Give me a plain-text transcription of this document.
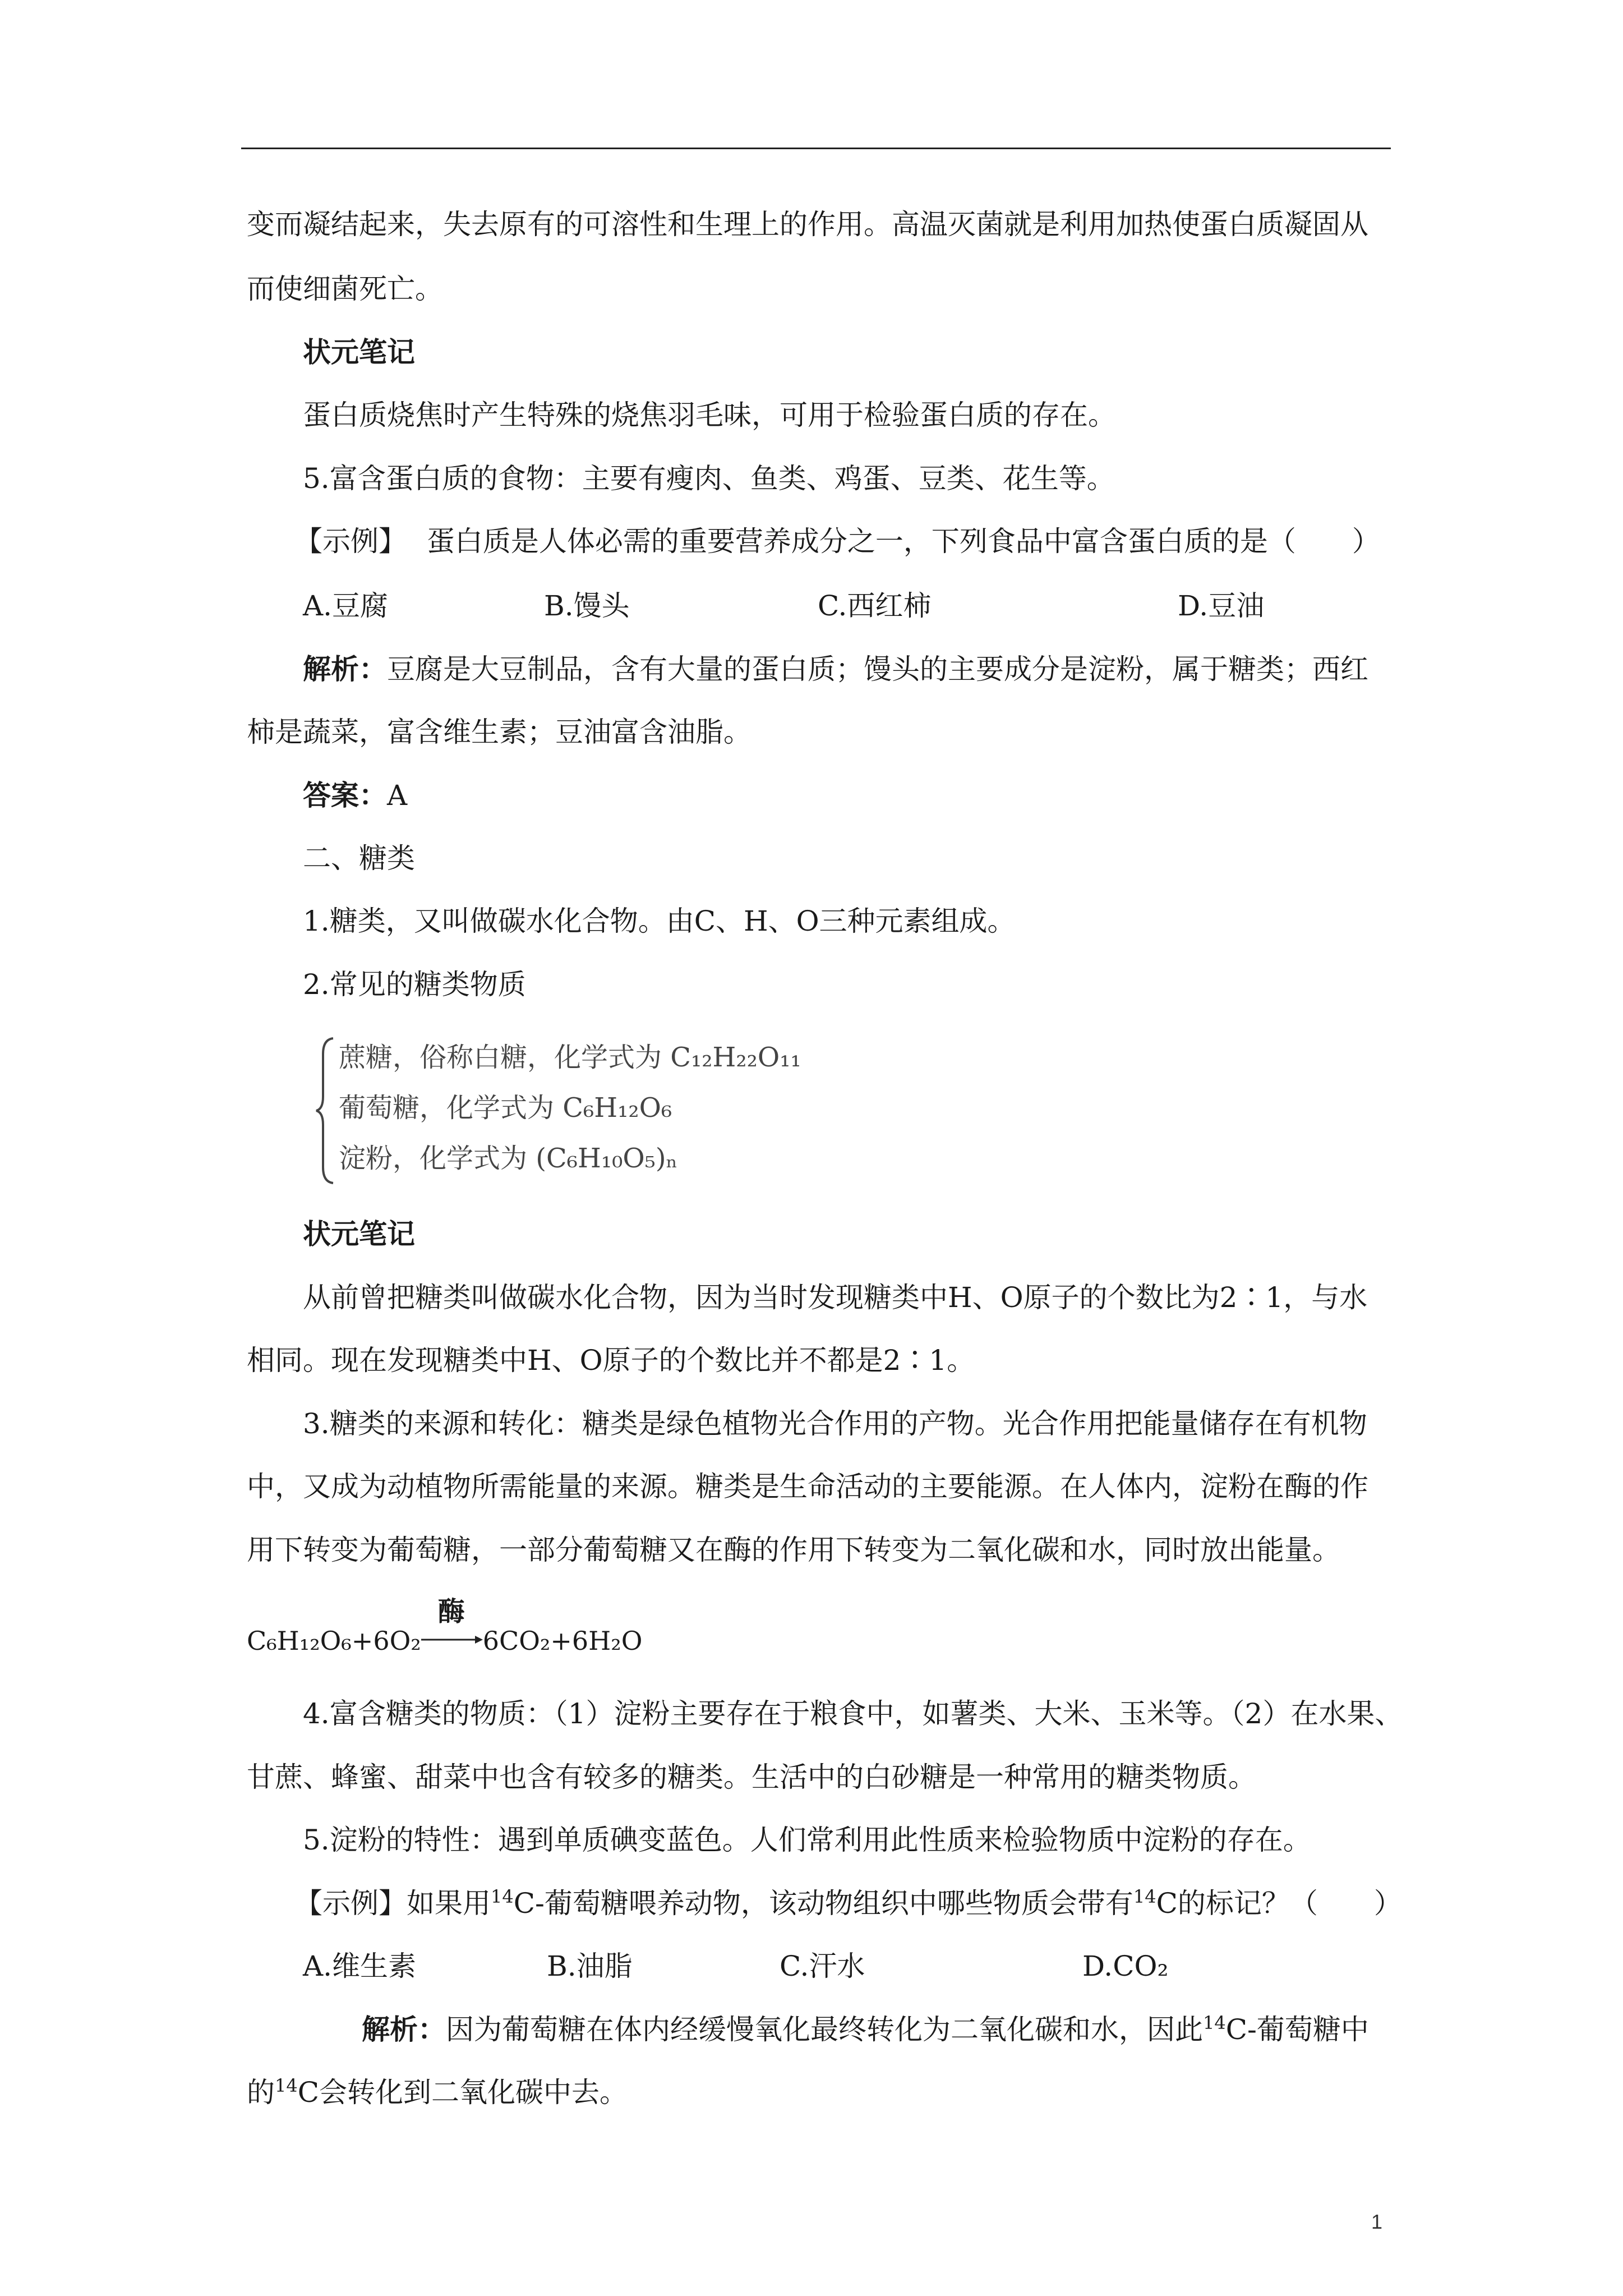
变而凝结起来，失去原有的可溶性和生理上的作用。高温灭菌就是利用加热使蛋白质凝固从
而使细菌死亡。
状元笔记
蛋白质烧焦时产生特殊的烧焦羽毛味，可用于检验蛋白质的存在。
5.富含蛋白质的食物：主要有瘦肉、鱼类、鸡蛋、豆类、花生等。
【示例】 蛋白质是人体必需的重要营养成分之一，下列食品中富含蛋白质的是（　　）
A.豆腐	B.馒头	C.西红柿	D.豆油
解析：豆腐是大豆制品，含有大量的蛋白质；馒头的主要成分是淀粉，属于糖类；西红
柿是蔬菜，富含维生素；豆油富含油脂。
答案：A
二、糖类
1.糖类，又叫做碳水化合物。由C、H、O三种元素组成。
2.常见的糖类物质
蔗糖，俗称白糖，化学式为 C₁₂H₂₂O₁₁
葡萄糖，化学式为 C₆H₁₂O₆
淀粉，化学式为 (C₆H₁₀O₅)ₙ
状元笔记
从前曾把糖类叫做碳水化合物，因为当时发现糖类中H、O原子的个数比为2∶1，与水
相同。现在发现糖类中H、O原子的个数比并不都是2∶1。
3.糖类的来源和转化：糖类是绿色植物光合作用的产物。光合作用把能量储存在有机物
中，又成为动植物所需能量的来源。糖类是生命活动的主要能源。在人体内，淀粉在酶的作
用下转变为葡萄糖，一部分葡萄糖又在酶的作用下转变为二氧化碳和水，同时放出能量。
C₆H₁₂O₆+6O₂
酶
6CO₂+6H₂O
4.富含糖类的物质：（1）淀粉主要存在于粮食中，如薯类、大米、玉米等。（2）在水果、
甘蔗、蜂蜜、甜菜中也含有较多的糖类。生活中的白砂糖是一种常用的糖类物质。
5.淀粉的特性：遇到单质碘变蓝色。人们常利用此性质来检验物质中淀粉的存在。
【示例】如果用$^{14}$C-葡萄糖喂养动物，该动物组织中哪些物质会带有$^{14}$C的标记？（　　）
A.维生素	B.油脂	C.汗水	D.CO₂
解析：因为葡萄糖在体内经缓慢氧化最终转化为二氧化碳和水，因此$^{14}$C-葡萄糖中
的$^{14}$C会转化到二氧化碳中去。
1
